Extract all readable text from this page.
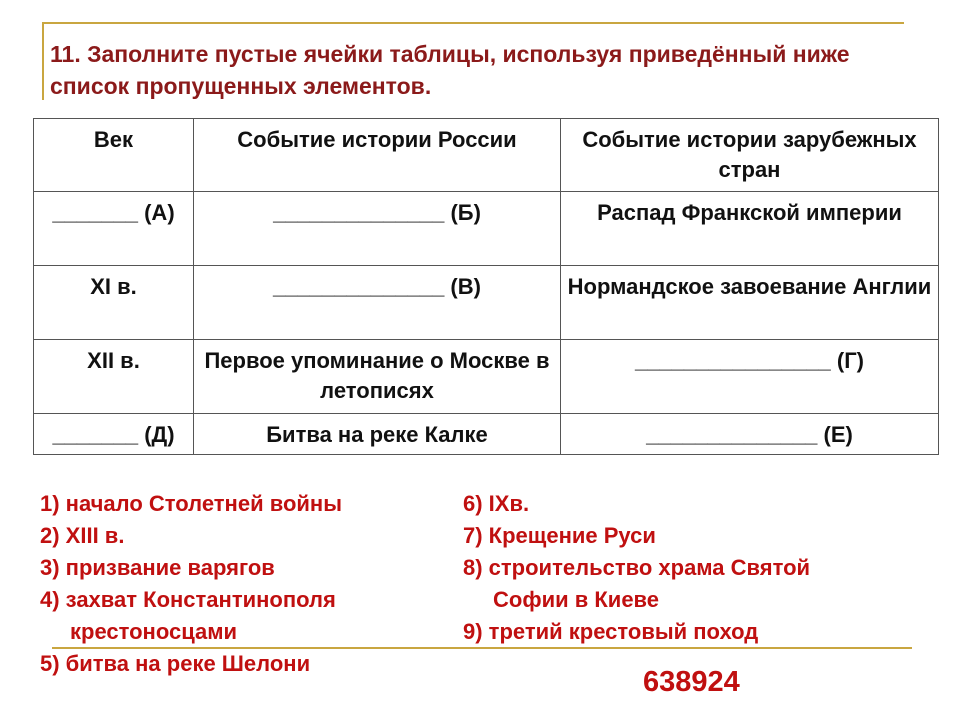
11. Заполните пустые ячейки таблицы, используя приведённый ниже список пропущенных элементов.
Век	Событие истории России	Событие истории зарубежных стран
_______ (А)	______________ (Б)	Распад Франкской империи
XI в.	______________ (В)	Нормандское завоевание Англии
XII в.	Первое упоминание о Москве в летописях	________________ (Г)
_______ (Д)	Битва на реке Калке	______________ (Е)
1) начало Столетней войны
2) XIII в.
3) призвание варягов
4) захват Константинополя
крестоносцами
5) битва на реке Шелони
6) IXв.
7) Крещение Руси
8) строительство храма Святой
Софии в Киеве
9) третий крестовый поход
638924
